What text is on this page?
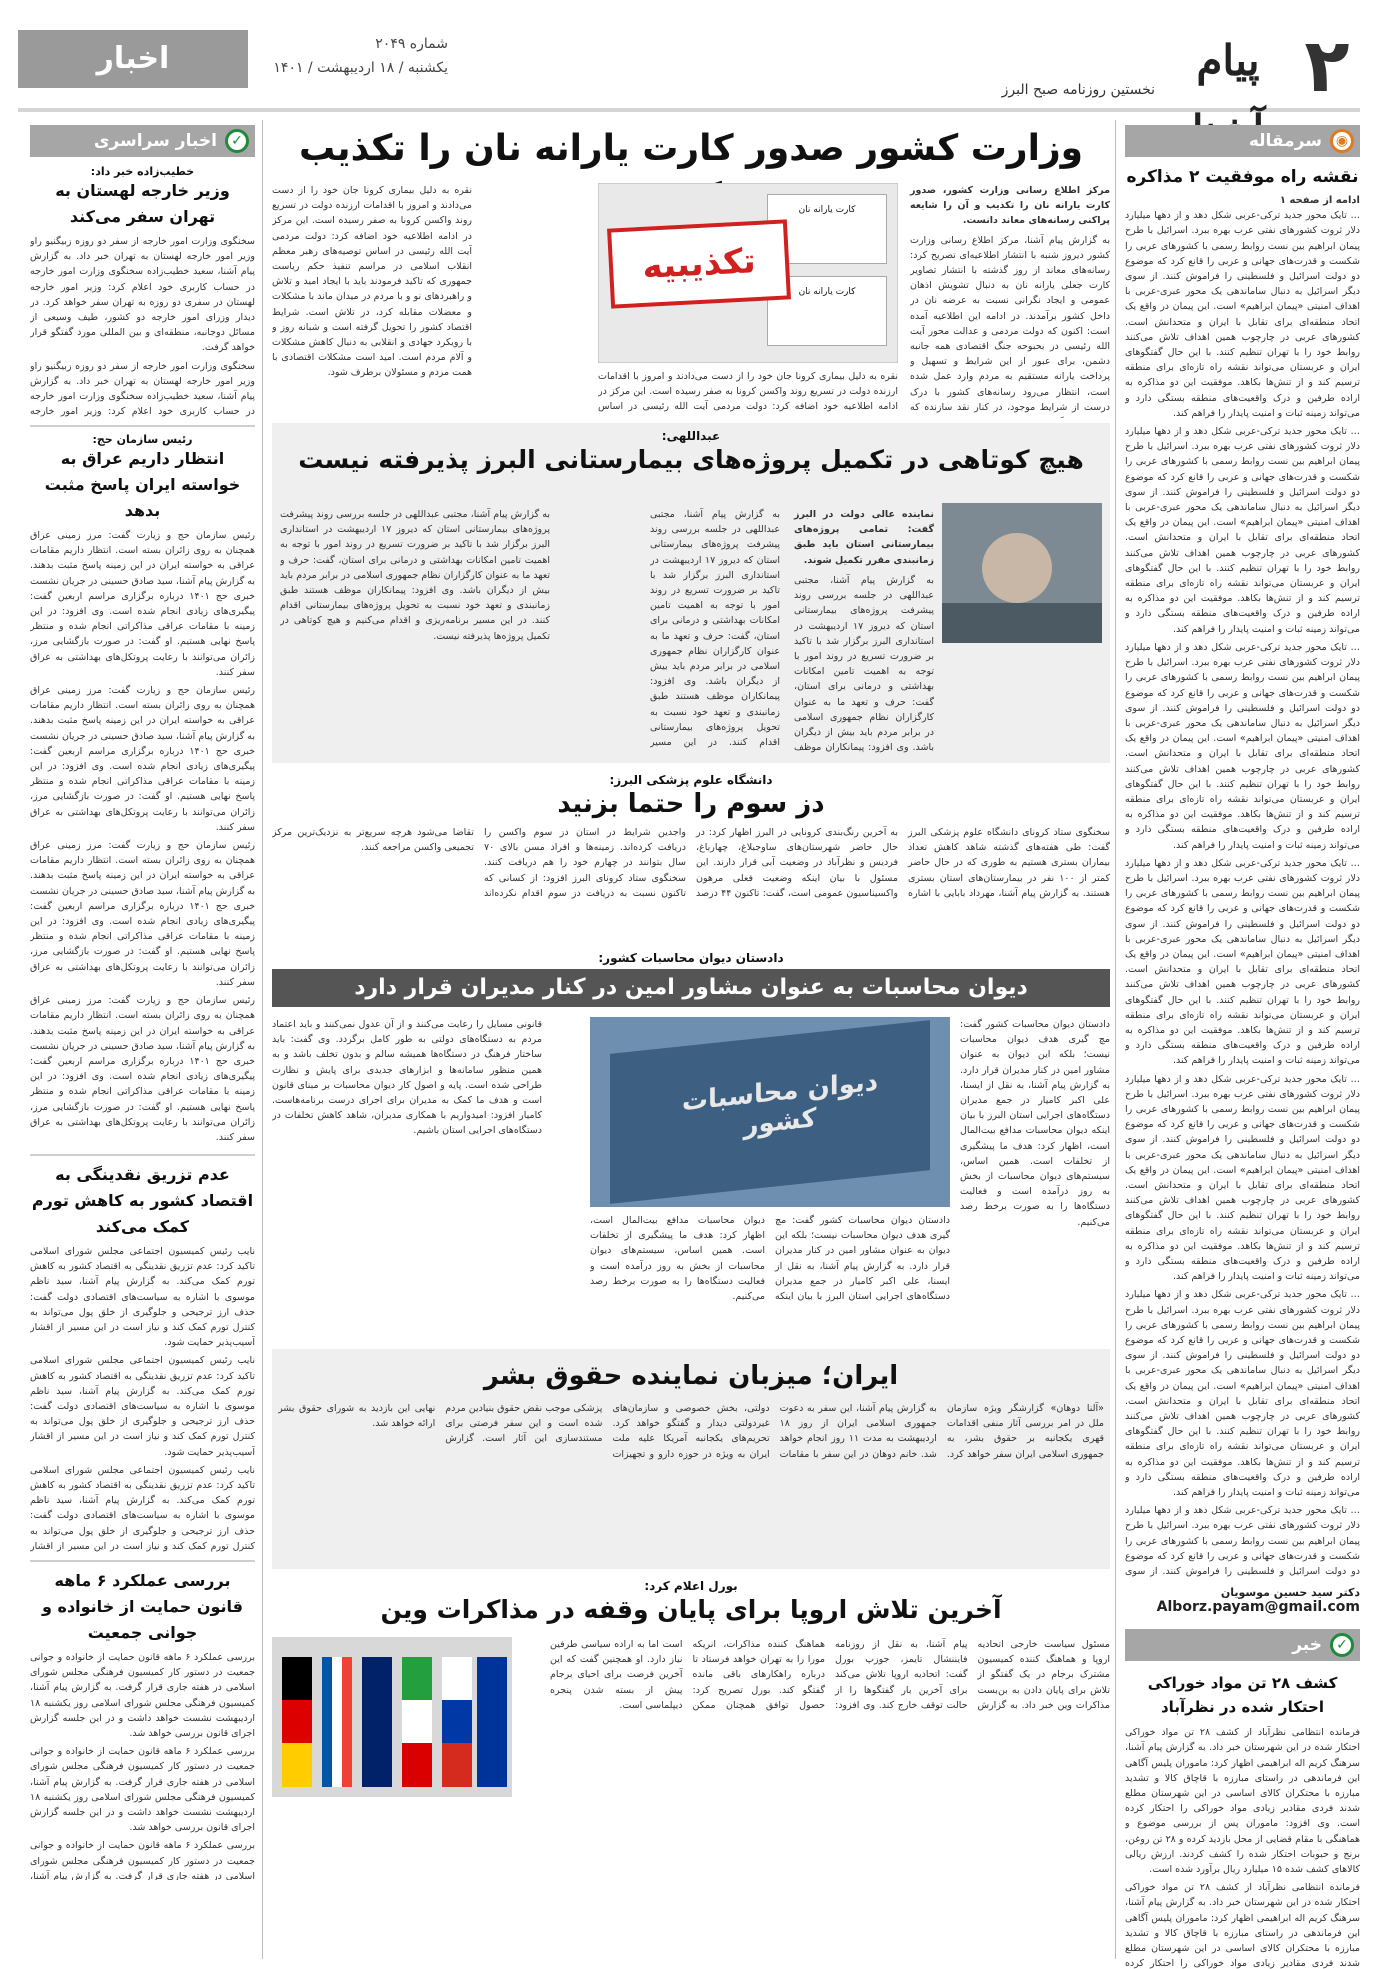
۲
پیام
نخستین روزنامه صبح البرز
شماره ۲۰۴۹
یکشنبه / ۱۸ اردیبهشت / ۱۴۰۱
اخبار
◉
سرمقاله
نقشه راه موفقیت ۲ مذاکره
ادامه از صفحه ۱

… تایک محور جدید ترکی-عربی شکل دهد و از دهها میلیارد دلار ثروت کشورهای نفتی عرب بهره ببرد. اسرائیل با طرح پیمان ابراهیم بین نست روابط رسمی با کشورهای عربی را شکست و قدرت‌های جهانی و عربی را قانع کرد که موضوع دو دولت اسرائیل و فلسطینی را فراموش کنند. از سوی دیگر اسرائیل به دنبال ساماندهی یک محور عبری-عربی با اهداف امنیتی «پیمان ابراهیم» است. این پیمان در واقع یک اتحاد منطقه‌ای برای تقابل با ایران و متحدانش است. کشورهای عربی در چارچوب همین اهداف تلاش می‌کنند روابط خود را با تهران تنظیم کنند. با این حال گفتگوهای ایران و عربستان می‌تواند نقشه راه تازه‌ای برای منطقه ترسیم کند و از تنش‌ها بکاهد. موفقیت این دو مذاکره به اراده طرفین و درک واقعیت‌های منطقه بستگی دارد و می‌تواند زمینه ثبات و امنیت پایدار را فراهم کند.

… تایک محور جدید ترکی-عربی شکل دهد و از دهها میلیارد دلار ثروت کشورهای نفتی عرب بهره ببرد. اسرائیل با طرح پیمان ابراهیم بین نست روابط رسمی با کشورهای عربی را شکست و قدرت‌های جهانی و عربی را قانع کرد که موضوع دو دولت اسرائیل و فلسطینی را فراموش کنند. از سوی دیگر اسرائیل به دنبال ساماندهی یک محور عبری-عربی با اهداف امنیتی «پیمان ابراهیم» است. این پیمان در واقع یک اتحاد منطقه‌ای برای تقابل با ایران و متحدانش است. کشورهای عربی در چارچوب همین اهداف تلاش می‌کنند روابط خود را با تهران تنظیم کنند. با این حال گفتگوهای ایران و عربستان می‌تواند نقشه راه تازه‌ای برای منطقه ترسیم کند و از تنش‌ها بکاهد. موفقیت این دو مذاکره به اراده طرفین و درک واقعیت‌های منطقه بستگی دارد و می‌تواند زمینه ثبات و امنیت پایدار را فراهم کند.

… تایک محور جدید ترکی-عربی شکل دهد و از دهها میلیارد دلار ثروت کشورهای نفتی عرب بهره ببرد. اسرائیل با طرح پیمان ابراهیم بین نست روابط رسمی با کشورهای عربی را شکست و قدرت‌های جهانی و عربی را قانع کرد که موضوع دو دولت اسرائیل و فلسطینی را فراموش کنند. از سوی دیگر اسرائیل به دنبال ساماندهی یک محور عبری-عربی با اهداف امنیتی «پیمان ابراهیم» است. این پیمان در واقع یک اتحاد منطقه‌ای برای تقابل با ایران و متحدانش است. کشورهای عربی در چارچوب همین اهداف تلاش می‌کنند روابط خود را با تهران تنظیم کنند. با این حال گفتگوهای ایران و عربستان می‌تواند نقشه راه تازه‌ای برای منطقه ترسیم کند و از تنش‌ها بکاهد. موفقیت این دو مذاکره به اراده طرفین و درک واقعیت‌های منطقه بستگی دارد و می‌تواند زمینه ثبات و امنیت پایدار را فراهم کند.

… تایک محور جدید ترکی-عربی شکل دهد و از دهها میلیارد دلار ثروت کشورهای نفتی عرب بهره ببرد. اسرائیل با طرح پیمان ابراهیم بین نست روابط رسمی با کشورهای عربی را شکست و قدرت‌های جهانی و عربی را قانع کرد که موضوع دو دولت اسرائیل و فلسطینی را فراموش کنند. از سوی دیگر اسرائیل به دنبال ساماندهی یک محور عبری-عربی با اهداف امنیتی «پیمان ابراهیم» است. این پیمان در واقع یک اتحاد منطقه‌ای برای تقابل با ایران و متحدانش است. کشورهای عربی در چارچوب همین اهداف تلاش می‌کنند روابط خود را با تهران تنظیم کنند. با این حال گفتگوهای ایران و عربستان می‌تواند نقشه راه تازه‌ای برای منطقه ترسیم کند و از تنش‌ها بکاهد. موفقیت این دو مذاکره به اراده طرفین و درک واقعیت‌های منطقه بستگی دارد و می‌تواند زمینه ثبات و امنیت پایدار را فراهم کند.

… تایک محور جدید ترکی-عربی شکل دهد و از دهها میلیارد دلار ثروت کشورهای نفتی عرب بهره ببرد. اسرائیل با طرح پیمان ابراهیم بین نست روابط رسمی با کشورهای عربی را شکست و قدرت‌های جهانی و عربی را قانع کرد که موضوع دو دولت اسرائیل و فلسطینی را فراموش کنند. از سوی دیگر اسرائیل به دنبال ساماندهی یک محور عبری-عربی با اهداف امنیتی «پیمان ابراهیم» است. این پیمان در واقع یک اتحاد منطقه‌ای برای تقابل با ایران و متحدانش است. کشورهای عربی در چارچوب همین اهداف تلاش می‌کنند روابط خود را با تهران تنظیم کنند. با این حال گفتگوهای ایران و عربستان می‌تواند نقشه راه تازه‌ای برای منطقه ترسیم کند و از تنش‌ها بکاهد. موفقیت این دو مذاکره به اراده طرفین و درک واقعیت‌های منطقه بستگی دارد و می‌تواند زمینه ثبات و امنیت پایدار را فراهم کند.

… تایک محور جدید ترکی-عربی شکل دهد و از دهها میلیارد دلار ثروت کشورهای نفتی عرب بهره ببرد. اسرائیل با طرح پیمان ابراهیم بین نست روابط رسمی با کشورهای عربی را شکست و قدرت‌های جهانی و عربی را قانع کرد که موضوع دو دولت اسرائیل و فلسطینی را فراموش کنند. از سوی دیگر اسرائیل به دنبال ساماندهی یک محور عبری-عربی با اهداف امنیتی «پیمان ابراهیم» است. این پیمان در واقع یک اتحاد منطقه‌ای برای تقابل با ایران و متحدانش است. کشورهای عربی در چارچوب همین اهداف تلاش می‌کنند روابط خود را با تهران تنظیم کنند. با این حال گفتگوهای ایران و عربستان می‌تواند نقشه راه تازه‌ای برای منطقه ترسیم کند و از تنش‌ها بکاهد. موفقیت این دو مذاکره به اراده طرفین و درک واقعیت‌های منطقه بستگی دارد و می‌تواند زمینه ثبات و امنیت پایدار را فراهم کند.

… تایک محور جدید ترکی-عربی شکل دهد و از دهها میلیارد دلار ثروت کشورهای نفتی عرب بهره ببرد. اسرائیل با طرح پیمان ابراهیم بین نست روابط رسمی با کشورهای عربی را شکست و قدرت‌های جهانی و عربی را قانع کرد که موضوع دو دولت اسرائیل و فلسطینی را فراموش کنند. از سوی

دکتر سید حسین موسویان
Alborz.payam@gmail.com
✓
خبر
کشف ۲۸ تن مواد خوراکی احتکار شده در نظرآباد

فرمانده انتظامی نظرآباد از کشف ۲۸ تن مواد خوراکی احتکار شده در این شهرستان خبر داد. به گزارش پیام آشنا، سرهنگ کریم اله ابراهیمی اظهار کرد: ماموران پلیس آگاهی این فرماندهی در راستای مبارزه با قاچاق کالا و تشدید مبارزه با محتکران کالای اساسی در این شهرستان مطلع شدند فردی مقادیر زیادی مواد خوراکی را احتکار کرده است. وی افزود: ماموران پس از بررسی موضوع و هماهنگی با مقام قضایی از محل بازدید کرده و ۲۸ تن روغن، برنج و حبوبات احتکار شده را کشف کردند. ارزش ریالی کالاهای کشف شده ۱۵ میلیارد ریال برآورد شده است.

فرمانده انتظامی نظرآباد از کشف ۲۸ تن مواد خوراکی احتکار شده در این شهرستان خبر داد. به گزارش پیام آشنا، سرهنگ کریم اله ابراهیمی اظهار کرد: ماموران پلیس آگاهی این فرماندهی در راستای مبارزه با قاچاق کالا و تشدید مبارزه با محتکران کالای اساسی در این شهرستان مطلع شدند فردی مقادیر زیادی مواد خوراکی را احتکار کرده

✓
اخبار سراسری
خطیب‌زاده خبر داد:
وزیر خارجه لهستان به تهران سفر می‌کند

سخنگوی وزارت امور خارجه از سفر دو روزه زبیگنیو راو وزیر امور خارجه لهستان به تهران خبر داد. به گزارش پیام آشنا، سعید خطیب‌زاده سخنگوی وزارت امور خارجه در حساب کاربری خود اعلام کرد: وزیر امور خارجه لهستان در سفری دو روزه به تهران سفر خواهد کرد. در دیدار وزرای امور خارجه دو کشور، طیف وسیعی از مسائل دوجانبه، منطقه‌ای و بین المللی مورد گفتگو قرار خواهد گرفت.

سخنگوی وزارت امور خارجه از سفر دو روزه زبیگنیو راو وزیر امور خارجه لهستان به تهران خبر داد. به گزارش پیام آشنا، سعید خطیب‌زاده سخنگوی وزارت امور خارجه در حساب کاربری خود اعلام کرد: وزیر امور خارجه

رئیس سازمان حج:
انتظار داریم عراق به خواسته ایران پاسخ مثبت بدهد

رئیس سازمان حج و زیارت گفت: مرز زمینی عراق همچنان به روی زائران بسته است. انتظار داریم مقامات عراقی به خواسته ایران در این زمینه پاسخ مثبت بدهند. به گزارش پیام آشنا، سید صادق حسینی در جریان نشست خبری حج ۱۴۰۱ درباره برگزاری مراسم اربعین گفت: پیگیری‌های زیادی انجام شده است. وی افزود: در این زمینه با مقامات عراقی مذاکراتی انجام شده و منتظر پاسخ نهایی هستیم. او گفت: در صورت بازگشایی مرز، زائران می‌توانند با رعایت پروتکل‌های بهداشتی به عراق سفر کنند.

رئیس سازمان حج و زیارت گفت: مرز زمینی عراق همچنان به روی زائران بسته است. انتظار داریم مقامات عراقی به خواسته ایران در این زمینه پاسخ مثبت بدهند. به گزارش پیام آشنا، سید صادق حسینی در جریان نشست خبری حج ۱۴۰۱ درباره برگزاری مراسم اربعین گفت: پیگیری‌های زیادی انجام شده است. وی افزود: در این زمینه با مقامات عراقی مذاکراتی انجام شده و منتظر پاسخ نهایی هستیم. او گفت: در صورت بازگشایی مرز، زائران می‌توانند با رعایت پروتکل‌های بهداشتی به عراق سفر کنند.

رئیس سازمان حج و زیارت گفت: مرز زمینی عراق همچنان به روی زائران بسته است. انتظار داریم مقامات عراقی به خواسته ایران در این زمینه پاسخ مثبت بدهند. به گزارش پیام آشنا، سید صادق حسینی در جریان نشست خبری حج ۱۴۰۱ درباره برگزاری مراسم اربعین گفت: پیگیری‌های زیادی انجام شده است. وی افزود: در این زمینه با مقامات عراقی مذاکراتی انجام شده و منتظر پاسخ نهایی هستیم. او گفت: در صورت بازگشایی مرز، زائران می‌توانند با رعایت پروتکل‌های بهداشتی به عراق سفر کنند.

رئیس سازمان حج و زیارت گفت: مرز زمینی عراق همچنان به روی زائران بسته است. انتظار داریم مقامات عراقی به خواسته ایران در این زمینه پاسخ مثبت بدهند. به گزارش پیام آشنا، سید صادق حسینی در جریان نشست خبری حج ۱۴۰۱ درباره برگزاری مراسم اربعین گفت: پیگیری‌های زیادی انجام شده است. وی افزود: در این زمینه با مقامات عراقی مذاکراتی انجام شده و منتظر پاسخ نهایی هستیم. او گفت: در صورت بازگشایی مرز، زائران می‌توانند با رعایت پروتکل‌های بهداشتی به عراق سفر کنند.

عدم تزریق نقدینگی به اقتصاد کشور به کاهش تورم کمک می‌کند

نایب رئیس کمیسیون اجتماعی مجلس شورای اسلامی تاکید کرد: عدم تزریق نقدینگی به اقتصاد کشور به کاهش تورم کمک می‌کند. به گزارش پیام آشنا، سید ناظم موسوی با اشاره به سیاست‌های اقتصادی دولت گفت: حذف ارز ترجیحی و جلوگیری از خلق پول می‌تواند به کنترل تورم کمک کند و نیاز است در این مسیر از اقشار آسیب‌پذیر حمایت شود.

نایب رئیس کمیسیون اجتماعی مجلس شورای اسلامی تاکید کرد: عدم تزریق نقدینگی به اقتصاد کشور به کاهش تورم کمک می‌کند. به گزارش پیام آشنا، سید ناظم موسوی با اشاره به سیاست‌های اقتصادی دولت گفت: حذف ارز ترجیحی و جلوگیری از خلق پول می‌تواند به کنترل تورم کمک کند و نیاز است در این مسیر از اقشار آسیب‌پذیر حمایت شود.

نایب رئیس کمیسیون اجتماعی مجلس شورای اسلامی تاکید کرد: عدم تزریق نقدینگی به اقتصاد کشور به کاهش تورم کمک می‌کند. به گزارش پیام آشنا، سید ناظم موسوی با اشاره به سیاست‌های اقتصادی دولت گفت: حذف ارز ترجیحی و جلوگیری از خلق پول می‌تواند به کنترل تورم کمک کند و نیاز است در این مسیر از اقشار

بررسی عملکرد ۶ ماهه قانون حمایت از خانواده و جوانی جمعیت

بررسی عملکرد ۶ ماهه قانون حمایت از خانواده و جوانی جمعیت در دستور کار کمیسیون فرهنگی مجلس شورای اسلامی در هفته جاری قرار گرفت. به گزارش پیام آشنا، کمیسیون فرهنگی مجلس شورای اسلامی روز یکشنبه ۱۸ اردیبهشت نشست خواهد داشت و در این جلسه گزارش اجرای قانون بررسی خواهد شد.

بررسی عملکرد ۶ ماهه قانون حمایت از خانواده و جوانی جمعیت در دستور کار کمیسیون فرهنگی مجلس شورای اسلامی در هفته جاری قرار گرفت. به گزارش پیام آشنا، کمیسیون فرهنگی مجلس شورای اسلامی روز یکشنبه ۱۸ اردیبهشت نشست خواهد داشت و در این جلسه گزارش اجرای قانون بررسی خواهد شد.

بررسی عملکرد ۶ ماهه قانون حمایت از خانواده و جوانی جمعیت در دستور کار کمیسیون فرهنگی مجلس شورای اسلامی در هفته جاری قرار گرفت. به گزارش پیام آشنا،

وزارت کشور صدور کارت یارانه نان را تکذیب
مرکز اطلاع رسانی وزارت کشور، صدور کارت یارانه نان را تکذیب و آن را شایعه پراکنی رسانه‌های معاند دانست.
به گزارش پیام آشنا، مرکز اطلاع رسانی وزارت کشور دیروز شنبه با انتشار اطلاعیه‌ای تصریح کرد: رسانه‌های معاند از روز گذشته با انتشار تصاویر کارت جعلی یارانه نان به دنبال تشویش اذهان عمومی و ایجاد نگرانی نسبت به عرضه نان در داخل کشور برآمدند. در ادامه این اطلاعیه آمده است: اکنون که دولت مردمی و عدالت محور آیت الله رئیسی در بحبوحه جنگ اقتصادی همه جانبه دشمن، برای عبور از این شرایط و تسهیل و پرداخت یارانه مستقیم به مردم وارد عمل شده است، انتظار می‌رود رسانه‌های کشور با درک درست از شرایط موجود، در کنار نقد سازنده که
کارت یارانه نان
کارت یارانه نان
تکذیبیه
نقره به دلیل بیماری کرونا جان خود را از دست می‌دادند و امروز با اقدامات ارزنده دولت در تسریع روند واکسن کرونا به صفر رسیده است. این مرکز در ادامه اطلاعیه خود اضافه کرد: دولت مردمی آیت الله رئیسی در اساس
نقره به دلیل بیماری کرونا جان خود را از دست می‌دادند و امروز با اقدامات ارزنده دولت در تسریع روند واکسن کرونا به صفر رسیده است. این مرکز در ادامه اطلاعیه خود اضافه کرد: دولت مردمی آیت الله رئیسی در اساس توصیه‌های رهبر معظم انقلاب اسلامی در مراسم تنفیذ حکم ریاست جمهوری که تاکید فرمودند باید با ایجاد امید و تلاش و راهبردهای نو و با مردم در میدان ماند با مشکلات و معضلات مقابله کرد، در تلاش است. شرایط اقتصاد کشور را تحویل گرفته است و شبانه روز و با رویکرد جهادی و انقلابی به دنبال کاهش مشکلات و آلام مردم است. امید است مشکلات اقتصادی با همت مردم و مسئولان برطرف شود.
عبداللهی:
هیچ کوتاهی در تکمیل پروژه‌های بیمارستانی البرز پذیرفته نیست
نماینده عالی دولت در البرز گفت: تمامی پروژه‌های بیمارستانی استان باید طبق زمانبندی مقرر تکمیل شوند.
به گزارش پیام آشنا، مجتبی عبداللهی در جلسه بررسی روند پیشرفت پروژه‌های بیمارستانی استان که دیروز ۱۷ اردیبهشت در استانداری البرز برگزار شد با تاکید بر ضرورت تسریع در روند امور با توجه به اهمیت تامین امکانات بهداشتی و درمانی برای استان، گفت: حرف و تعهد ما به عنوان کارگزاران نظام جمهوری اسلامی در برابر مردم باید بیش از دیگران باشد. وی افزود: پیمانکاران موظف
به گزارش پیام آشنا، مجتبی عبداللهی در جلسه بررسی روند پیشرفت پروژه‌های بیمارستانی استان که دیروز ۱۷ اردیبهشت در استانداری البرز برگزار شد با تاکید بر ضرورت تسریع در روند امور با توجه به اهمیت تامین امکانات بهداشتی و درمانی برای استان، گفت: حرف و تعهد ما به عنوان کارگزاران نظام جمهوری اسلامی در برابر مردم باید بیش از دیگران باشد. وی افزود: پیمانکاران موظف هستند طبق زمانبندی و تعهد خود نسبت به تحویل پروژه‌های بیمارستانی اقدام کنند. در این مسیر
به گزارش پیام آشنا، مجتبی عبداللهی در جلسه بررسی روند پیشرفت پروژه‌های بیمارستانی استان که دیروز ۱۷ اردیبهشت در استانداری البرز برگزار شد با تاکید بر ضرورت تسریع در روند امور با توجه به اهمیت تامین امکانات بهداشتی و درمانی برای استان، گفت: حرف و تعهد ما به عنوان کارگزاران نظام جمهوری اسلامی در برابر مردم باید بیش از دیگران باشد. وی افزود: پیمانکاران موظف هستند طبق زمانبندی و تعهد خود نسبت به تحویل پروژه‌های بیمارستانی اقدام کنند. در این مسیر برنامه‌ریزی و اقدام می‌کنیم و هیچ کوتاهی در تکمیل پروژه‌ها پذیرفته نیست.
دانشگاه علوم پزشکی البرز:
دز سوم را حتما بزنید
سخنگوی ستاد کرونای دانشگاه علوم پزشکی البرز گفت: طی هفته‌های گذشته شاهد کاهش تعداد بیماران بستری هستیم به طوری که در حال حاضر کمتر از ۱۰۰ نفر در بیمارستان‌های استان بستری هستند. به گزارش پیام آشنا، مهرداد بابایی با اشاره به آخرین رنگ‌بندی کرونایی در البرز اظهار کرد: در حال حاضر شهرستان‌های ساوجبلاغ، چهارباغ، فردیس و نظرآباد در وضعیت آبی قرار دارند. این مسئول با بیان اینکه وضعیت فعلی مرهون واکسیناسیون عمومی است، گفت: تاکنون ۴۴ درصد واجدین شرایط در استان دز سوم واکسن را دریافت کرده‌اند. زمینه‌ها و افراد مسن بالای ۷۰ سال بتوانند در چهارم خود را هم دریافت کنند. سخنگوی ستاد کرونای البرز افزود: از کسانی که تاکنون نسبت به دریافت دز سوم اقدام نکرده‌اند تقاضا می‌شود هرچه سریع‌تر به نزدیک‌ترین مرکز تجمیعی واکسن مراجعه کنند.
دادستان دیوان محاسبات کشور:
دیوان محاسبات به عنوان مشاور امین در کنار مدیران قرار دارد
دادستان دیوان محاسبات کشور گفت: مچ گیری هدف دیوان محاسبات نیست؛ بلکه این دیوان به عنوان مشاور امین در کنار مدیران قرار دارد. به گزارش پیام آشنا، به نقل از ایسنا، علی اکبر کامیار در جمع مدیران دستگاه‌های اجرایی استان البرز با بیان اینکه دیوان محاسبات مدافع بیت‌المال است، اظهار کرد: هدف ما پیشگیری از تخلفات است. همین اساس، سیستم‌های دیوان محاسبات از بخش به روز درآمده است و فعالیت دستگاه‌ها را به صورت برخط رصد می‌کنیم.
دیوان محاسبات کشور
دادستان دیوان محاسبات کشور گفت: مچ گیری هدف دیوان محاسبات نیست؛ بلکه این دیوان به عنوان مشاور امین در کنار مدیران قرار دارد. به گزارش پیام آشنا، به نقل از ایسنا، علی اکبر کامیار در جمع مدیران دستگاه‌های اجرایی استان البرز با بیان اینکه دیوان محاسبات مدافع بیت‌المال است، اظهار کرد: هدف ما پیشگیری از تخلفات است. همین اساس، سیستم‌های دیوان محاسبات از بخش به روز درآمده است و فعالیت دستگاه‌ها را به صورت برخط رصد می‌کنیم.
قانونی مسایل را رعایت می‌کنند و از آن عدول نمی‌کنند و باید اعتماد مردم به دستگاه‌های دولتی به طور کامل برگردد. وی گفت: باید ساختار فرهنگ در دستگاه‌ها همیشه سالم و بدون تخلف باشد و به همین منظور سامانه‌ها و ابزارهای جدیدی برای پایش و نظارت طراحی شده است. پایه و اصول کار دیوان محاسبات بر مبنای قانون است و هدف ما کمک به مدیران برای اجرای درست برنامه‌هاست. کامیار افزود: امیدواریم با همکاری مدیران، شاهد کاهش تخلفات در دستگاه‌های اجرایی استان باشیم.
ایران؛ میزبان نماینده حقوق بشر
«آلنا دوهان» گزارشگر ویژه سازمان ملل در امر بررسی آثار منفی اقدامات قهری یکجانبه بر حقوق بشر، به جمهوری اسلامی ایران سفر خواهد کرد. به گزارش پیام آشنا، این سفر به دعوت جمهوری اسلامی ایران از روز ۱۸ اردیبهشت به مدت ۱۱ روز انجام خواهد شد. خانم دوهان در این سفر با مقامات دولتی، بخش خصوصی و سازمان‌های غیردولتی دیدار و گفتگو خواهد کرد. تحریم‌های یکجانبه آمریکا علیه ملت ایران به ویژه در حوزه دارو و تجهیزات پزشکی موجب نقض حقوق بنیادین مردم شده است و این سفر فرصتی برای مستندسازی این آثار است. گزارش نهایی این بازدید به شورای حقوق بشر ارائه خواهد شد.
بورل اعلام کرد:
آخرین تلاش اروپا برای پایان وقفه در مذاکرات وین
مسئول سیاست خارجی اتحادیه اروپا و هماهنگ کننده کمیسیون مشترک برجام در یک گفتگو از تلاش برای پایان دادن به بن‌بست مذاکرات وین خبر داد. به گزارش پیام آشنا، به نقل از روزنامه فایننشال تایمز، جوزپ بورل گفت: اتحادیه اروپا تلاش می‌کند برای آخرین بار گفتگوها را از حالت توقف خارج کند. وی افزود: هماهنگ کننده مذاکرات، انریکه مورا را به تهران خواهد فرستاد تا درباره راهکارهای باقی مانده گفتگو کند. بورل تصریح کرد: حصول توافق همچنان ممکن است اما به اراده سیاسی طرفین نیاز دارد. او همچنین گفت که این آخرین فرصت برای احیای برجام پیش از بسته شدن پنجره دیپلماسی است.
